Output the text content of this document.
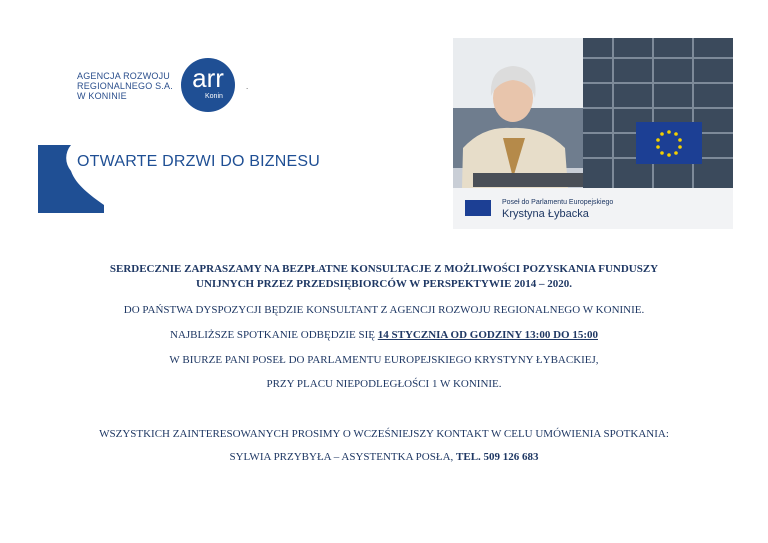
AGENCJA ROZWOJU
REGIONALNEGO S.A.
W KONINIE
arr
Konin
.
OTWARTE DRZWI DO BIZNESU
Poseł do Parlamentu Europejskiego
Krystyna Łybacka
SERDECZNIE ZAPRASZAMY NA BEZPŁATNE KONSULTACJE Z MOŻLIWOŚCI POZYSKANIA FUNDUSZY
UNIJNYCH PRZEZ PRZEDSIĘBIORCÓW W PERSPEKTYWIE 2014 – 2020.
DO PAŃSTWA DYSPOZYCJI BĘDZIE KONSULTANT Z AGENCJI ROZWOJU REGIONALNEGO W KONINIE.
NAJBLIŻSZE SPOTKANIE ODBĘDZIE SIĘ 14 STYCZNIA OD GODZINY 13:00 DO 15:00
W BIURZE PANI POSEŁ DO PARLAMENTU EUROPEJSKIEGO KRYSTYNY ŁYBACKIEJ,
PRZY PLACU NIEPODLEGŁOŚCI 1 W KONINIE.
WSZYSTKICH ZAINTERESOWANYCH PROSIMY O WCZEŚNIEJSZY KONTAKT W CELU UMÓWIENIA SPOTKANIA:
SYLWIA PRZYBYŁA – ASYSTENTKA POSŁA, TEL. 509 126 683
